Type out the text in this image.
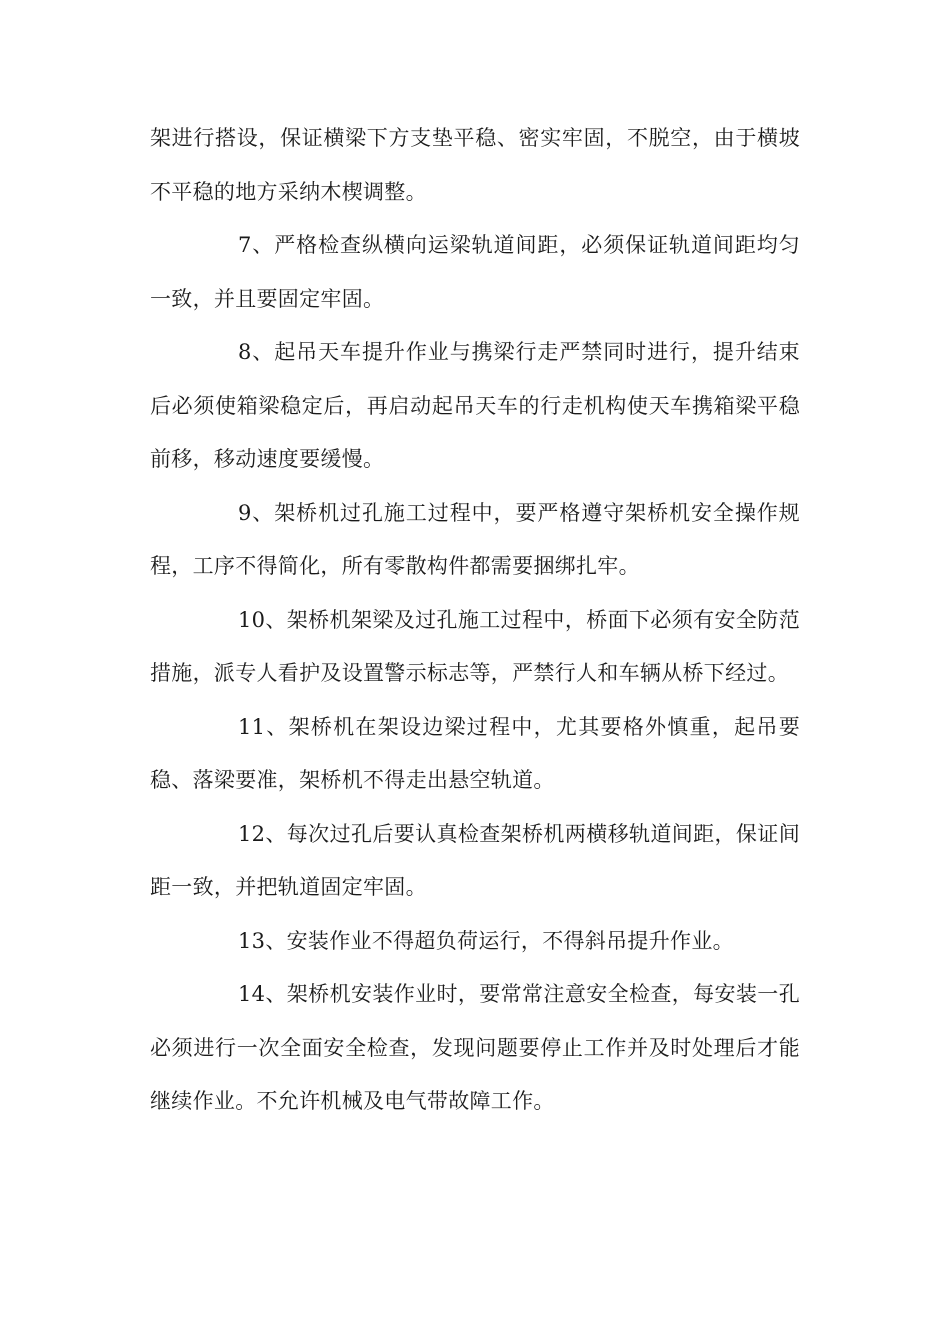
架进行搭设，保证横梁下方支垫平稳、密实牢固，不脱空，由于横坡不平稳的地方采纳木楔调整。

7、严格检查纵横向运梁轨道间距，必须保证轨道间距均匀一致，并且要固定牢固。

8、起吊天车提升作业与携梁行走严禁同时进行，提升结束后必须使箱梁稳定后，再启动起吊天车的行走机构使天车携箱梁平稳前移，移动速度要缓慢。

9、架桥机过孔施工过程中，要严格遵守架桥机安全操作规程，工序不得简化，所有零散构件都需要捆绑扎牢。

10、架桥机架梁及过孔施工过程中，桥面下必须有安全防范措施，派专人看护及设置警示标志等，严禁行人和车辆从桥下经过。

11、架桥机在架设边梁过程中，尤其要格外慎重，起吊要稳、落梁要准，架桥机不得走出悬空轨道。

12、每次过孔后要认真检查架桥机两横移轨道间距，保证间距一致，并把轨道固定牢固。

13、安装作业不得超负荷运行，不得斜吊提升作业。

14、架桥机安装作业时，要常常注意安全检查，每安装一孔必须进行一次全面安全检查，发现问题要停止工作并及时处理后才能继续作业。不允许机械及电气带故障工作。
